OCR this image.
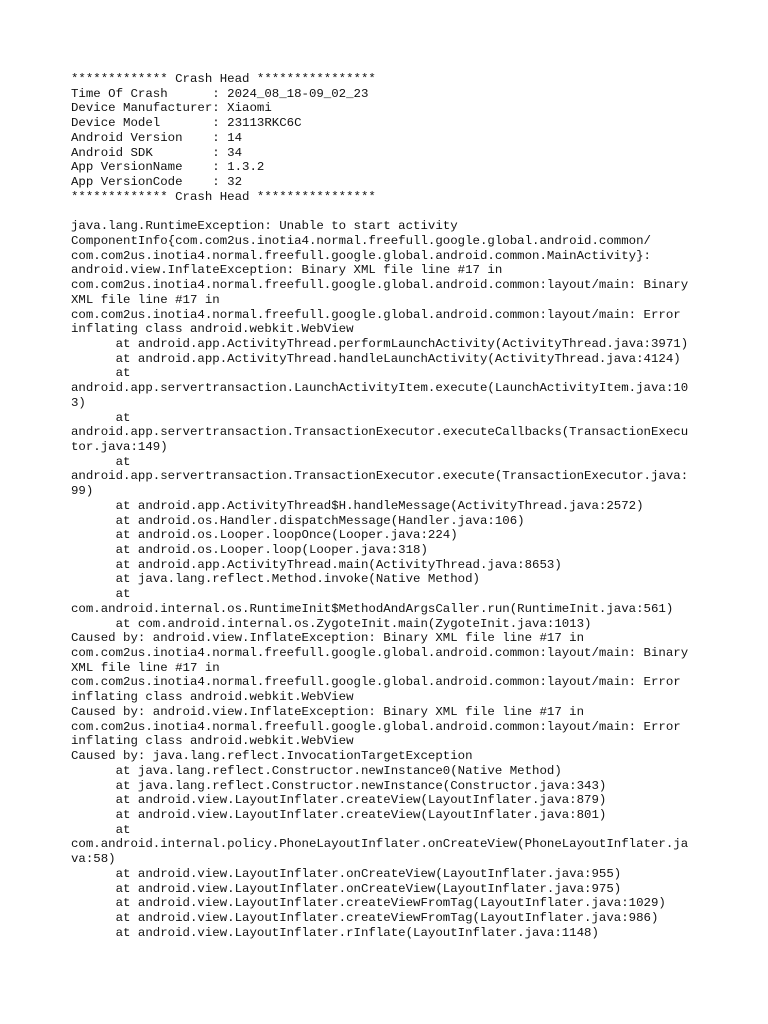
************* Crash Head ****************
Time Of Crash      : 2024_08_18-09_02_23
Device Manufacturer: Xiaomi
Device Model       : 23113RKC6C
Android Version    : 14
Android SDK        : 34
App VersionName    : 1.3.2
App VersionCode    : 32
************* Crash Head ****************
java.lang.RuntimeException: Unable to start activity
ComponentInfo{com.com2us.inotia4.normal.freefull.google.global.android.common/
com.com2us.inotia4.normal.freefull.google.global.android.common.MainActivity}:
android.view.InflateException: Binary XML file line #17 in
com.com2us.inotia4.normal.freefull.google.global.android.common:layout/main: Binary
XML file line #17 in
com.com2us.inotia4.normal.freefull.google.global.android.common:layout/main: Error
inflating class android.webkit.WebView
at android.app.ActivityThread.performLaunchActivity(ActivityThread.java:3971)
at android.app.ActivityThread.handleLaunchActivity(ActivityThread.java:4124)
at
android.app.servertransaction.LaunchActivityItem.execute(LaunchActivityItem.java:10
3)
at
android.app.servertransaction.TransactionExecutor.executeCallbacks(TransactionExecu
tor.java:149)
at
android.app.servertransaction.TransactionExecutor.execute(TransactionExecutor.java:
99)
at android.app.ActivityThread$H.handleMessage(ActivityThread.java:2572)
at android.os.Handler.dispatchMessage(Handler.java:106)
at android.os.Looper.loopOnce(Looper.java:224)
at android.os.Looper.loop(Looper.java:318)
at android.app.ActivityThread.main(ActivityThread.java:8653)
at java.lang.reflect.Method.invoke(Native Method)
at
com.android.internal.os.RuntimeInit$MethodAndArgsCaller.run(RuntimeInit.java:561)
at com.android.internal.os.ZygoteInit.main(ZygoteInit.java:1013)
Caused by: android.view.InflateException: Binary XML file line #17 in
com.com2us.inotia4.normal.freefull.google.global.android.common:layout/main: Binary
XML file line #17 in
com.com2us.inotia4.normal.freefull.google.global.android.common:layout/main: Error
inflating class android.webkit.WebView
Caused by: android.view.InflateException: Binary XML file line #17 in
com.com2us.inotia4.normal.freefull.google.global.android.common:layout/main: Error
inflating class android.webkit.WebView
Caused by: java.lang.reflect.InvocationTargetException
at java.lang.reflect.Constructor.newInstance0(Native Method)
at java.lang.reflect.Constructor.newInstance(Constructor.java:343)
at android.view.LayoutInflater.createView(LayoutInflater.java:879)
at android.view.LayoutInflater.createView(LayoutInflater.java:801)
at
com.android.internal.policy.PhoneLayoutInflater.onCreateView(PhoneLayoutInflater.ja
va:58)
at android.view.LayoutInflater.onCreateView(LayoutInflater.java:955)
at android.view.LayoutInflater.onCreateView(LayoutInflater.java:975)
at android.view.LayoutInflater.createViewFromTag(LayoutInflater.java:1029)
at android.view.LayoutInflater.createViewFromTag(LayoutInflater.java:986)
at android.view.LayoutInflater.rInflate(LayoutInflater.java:1148)
